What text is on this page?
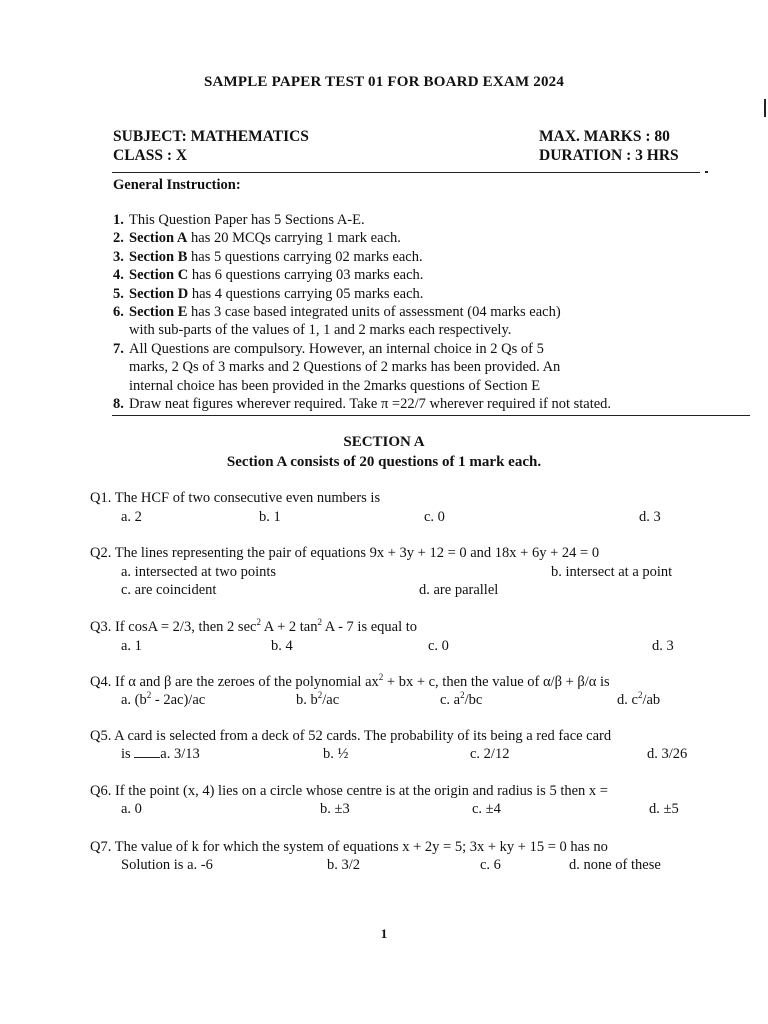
SAMPLE PAPER TEST 01 FOR BOARD EXAM 2024
SUBJECT: MATHEMATICS
CLASS : X
MAX. MARKS : 80
DURATION : 3 HRS
General Instruction:
1. This Question Paper has 5 Sections A-E.
2. Section A has 20 MCQs carrying 1 mark each.
3. Section B has 5 questions carrying 02 marks each.
4. Section C has 6 questions carrying 03 marks each.
5. Section D has 4 questions carrying 05 marks each.
6. Section E has 3 case based integrated units of assessment (04 marks each)
with sub-parts of the values of 1, 1 and 2 marks each respectively.
7. All Questions are compulsory. However, an internal choice in 2 Qs of 5
marks, 2 Qs of 3 marks and 2 Questions of 2 marks has been provided. An
internal choice has been provided in the 2marks questions of Section E
8. Draw neat figures wherever required. Take π =22/7 wherever required if not stated.
SECTION A
Section A consists of 20 questions of 1 mark each.
Q1. The HCF of two consecutive even numbers is
a. 2	b. 1	c. 0	d. 3
Q2. The lines representing the pair of equations 9x + 3y + 12 = 0 and 18x + 6y + 24 = 0
a. intersected at two points	b. intersect at a point
c. are coincident	d. are parallel
Q3. If cosA = 2/3, then 2 $\sec^2 A + 2$ $\tan^2 A - 7$ is equal to
a. 1	b. 4	c. 0	d. 3
Q4. If α and β are the zeroes of the polynomial $ax^2$ + bx + c, then the value of α/β + β/α is
a. $(b^2 - 2ac)/ac$	b. $b^2/ac$	c. $a^2/bc$	d. $c^2/ab$
Q5. A card is selected from a deck of 52 cards. The probability of its being a red face card
is a. 3/13	b. ½	c. 2/12	d. 3/26
Q6. If the point (x, 4) lies on a circle whose centre is at the origin and radius is 5 then x =
a. 0	b. ±3	c. ±4	d. ±5
Q7. The value of k for which the system of equations x + 2y = 5; 3x + ky + 15 = 0 has no
Solution is a. -6	b. 3/2	c. 6	d. none of these
1
